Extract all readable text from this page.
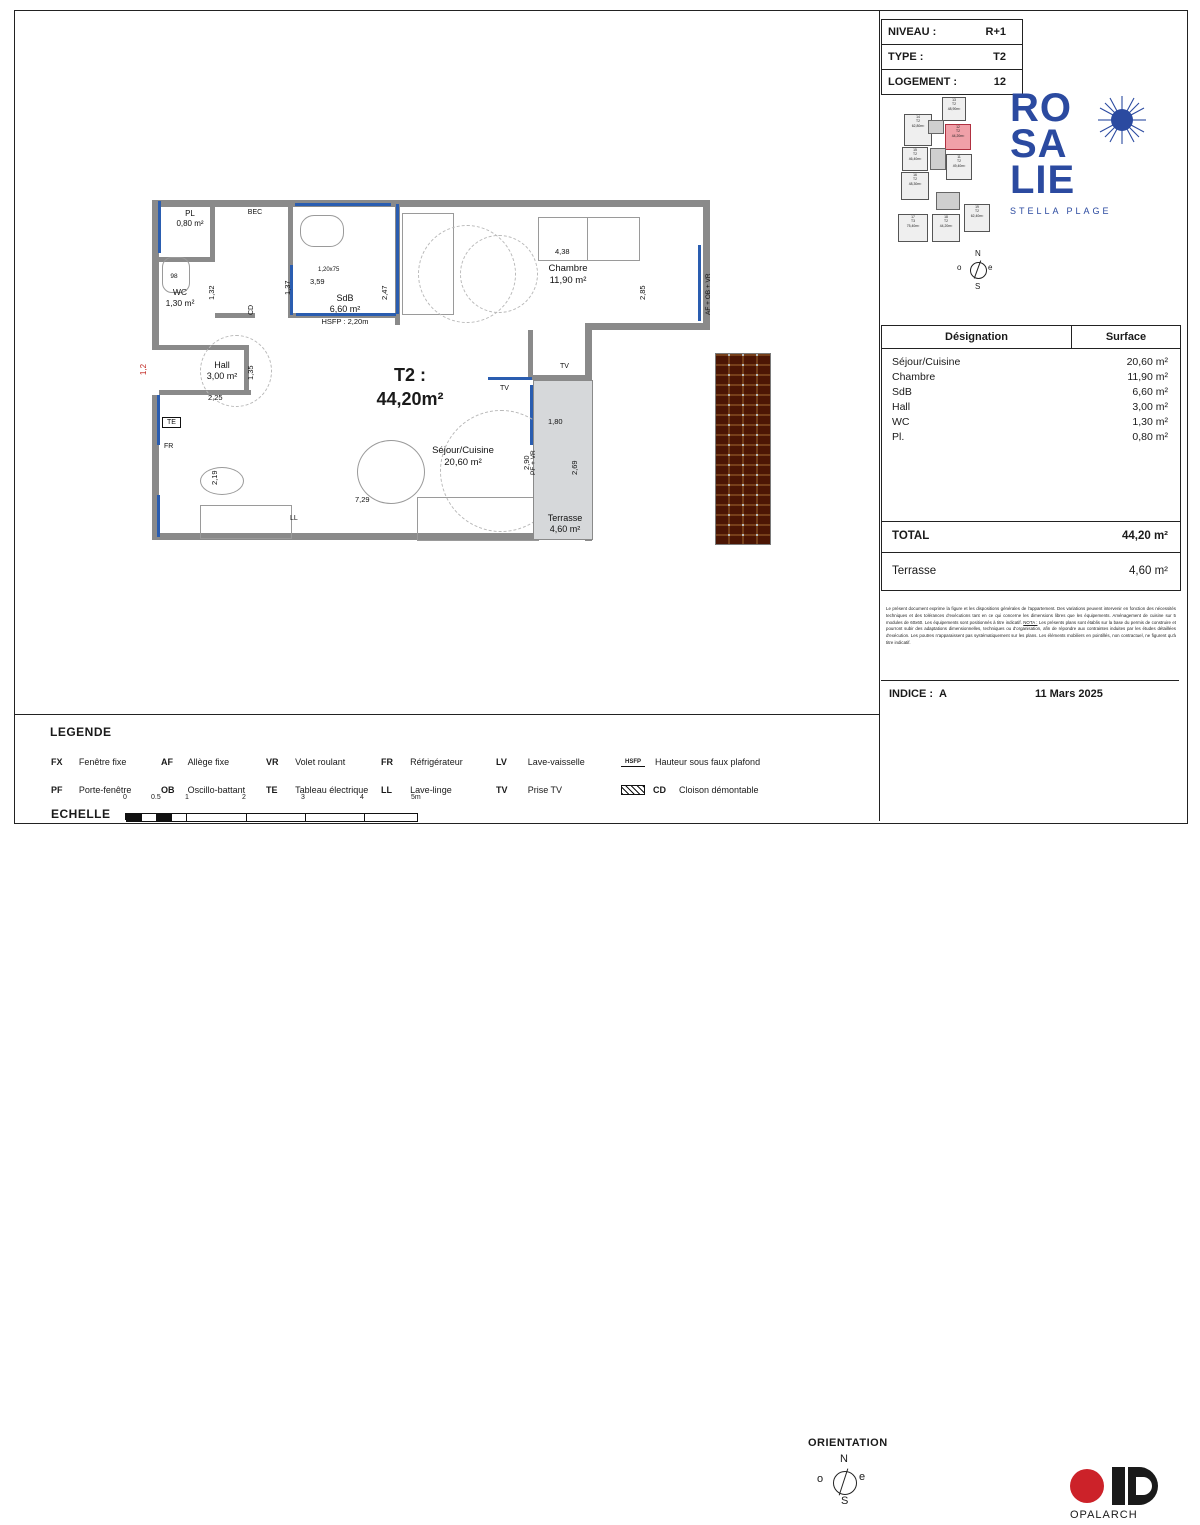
NIVEAU :	R+1
TYPE :	T2
LOGEMENT :	12
RO
SA
LIE
STELLA PLAGE
14
T2
62,80m²
13
T2
48,90m²
12
T2
44,20m²
15
T2
46,40m²
16
T2
48,30m²
11
T2
49,40m²
17
T3
75,40m²
18
T2
44,20m²
19
T2
62,40m²
N
S
e
o
Désignation	Surface
Séjour/Cuisine	20,60 m²
Chambre	11,90 m²
SdB	6,60 m²
Hall	3,00 m²
WC	1,30 m²
Pl.	0,80 m²
TOTAL	44,20 m²
Terrasse	4,60 m²
Le présent document exprime la figure et les dispositions générales de l'appartement. Des variations peuvent intervenir en fonction des nécessités techniques et des tolérances d'exécutions tant en ce qui concerne les dimensions libres que les équipements. Aménagement de cuisine sur 5 modules de 60x60. Les équipements sont positionnés à titre indicatif. NOTA : Les présents plans sont établis sur la base du permis de construire et pourront subir des adaptations dimensionnelles, techniques ou d'organisation, afin de répondre aux contraintes induites par les études détaillées d'exécution. Les poutres n'apparaissent pas systématiquement sur les plans. Les éléments mobiliers en pointillés, non contractuel, ne figurent qu'à titre indicatif.
INDICE : A	11 Mars 2025
LEGENDE
FX	Fenêtre fixe	AF	Allège fixe	VR	Volet roulant	FR	Réfrigérateur	LV	Lave-vaisselle	HSFP	Hauteur sous faux plafond
PF	Porte-fenêtre	OB	Oscillo-battant	TE	Tableau électrique	LL	Lave-linge	TV	Prise TV	CD	Cloison démontable
ECHELLE
0	0.5	1	2	3	4	5m
ORIENTATION
N
S
e
o
OPALARCH
PL
0,80 m²
BEC
WC
1,30 m²
98
SdB
6,60 m²
HSFP : 2,20m
Hall
3,00 m²
Chambre
11,90 m²
Séjour/Cuisine
20,60 m²
Terrasse
4,60 m²
T2 :
44,20m²
3,59
2,47
1,37
1,32
1,35
2,25
2,19
7,29
4,38
2,85
2,90
1,80
2,69
1,2
1,20x75
TE
FR
LL
TV
TV
CD	AF + OB + VR
PF + VR
